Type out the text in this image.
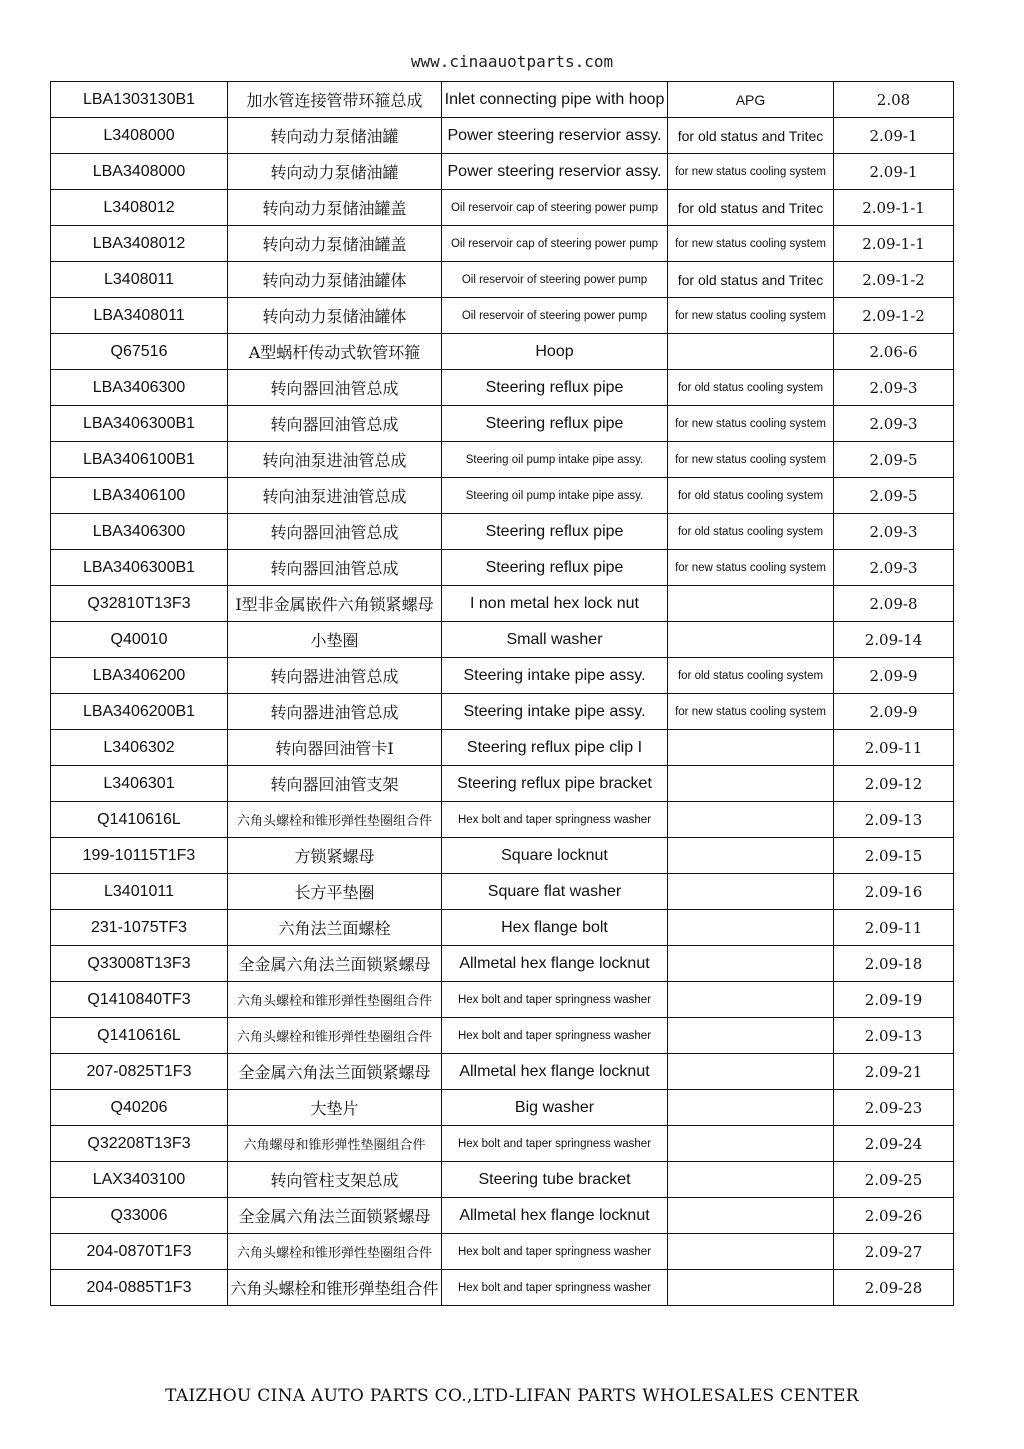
www.cinaauotparts.com
LBA1303130B1	加水管连接管带环箍总成	Inlet connecting pipe with hoop	APG	2.08
L3408000	转向动力泵储油罐	Power steering reservior assy.	for old status and Tritec	2.09-1
LBA3408000	转向动力泵储油罐	Power steering reservior assy.	for new status cooling system	2.09-1
L3408012	转向动力泵储油罐盖	Oil reservoir cap of steering power pump	for old status and Tritec	2.09-1-1
LBA3408012	转向动力泵储油罐盖	Oil reservoir cap of steering power pump	for new status cooling system	2.09-1-1
L3408011	转向动力泵储油罐体	Oil reservoir of steering power pump	for old status and Tritec	2.09-1-2
LBA3408011	转向动力泵储油罐体	Oil reservoir of steering power pump	for new status cooling system	2.09-1-2
Q67516	A型蜗杆传动式软管环箍	Hoop		2.06-6
LBA3406300	转向器回油管总成	Steering reflux pipe	for old status cooling system	2.09-3
LBA3406300B1	转向器回油管总成	Steering reflux pipe	for new status cooling system	2.09-3
LBA3406100B1	转向油泵进油管总成	Steering oil pump intake pipe assy.	for new status cooling system	2.09-5
LBA3406100	转向油泵进油管总成	Steering oil pump intake pipe assy.	for old status cooling system	2.09-5
LBA3406300	转向器回油管总成	Steering reflux pipe	for old status cooling system	2.09-3
LBA3406300B1	转向器回油管总成	Steering reflux pipe	for new status cooling system	2.09-3
Q32810T13F3	I型非金属嵌件六角锁紧螺母	I non metal hex lock nut		2.09-8
Q40010	小垫圈	Small washer		2.09-14
LBA3406200	转向器进油管总成	Steering intake pipe assy.	for old status cooling system	2.09-9
LBA3406200B1	转向器进油管总成	Steering intake pipe assy.	for new status cooling system	2.09-9
L3406302	转向器回油管卡I	Steering reflux pipe clip I		2.09-11
L3406301	转向器回油管支架	Steering reflux pipe bracket		2.09-12
Q1410616L	六角头螺栓和锥形弹性垫圈组合件	Hex bolt and taper springness washer		2.09-13
199-10115T1F3	方锁紧螺母	Square locknut		2.09-15
L3401011	长方平垫圈	Square flat washer		2.09-16
231-1075TF3	六角法兰面螺栓	Hex flange bolt		2.09-11
Q33008T13F3	全金属六角法兰面锁紧螺母	Allmetal hex flange locknut		2.09-18
Q1410840TF3	六角头螺栓和锥形弹性垫圈组合件	Hex bolt and taper springness washer		2.09-19
Q1410616L	六角头螺栓和锥形弹性垫圈组合件	Hex bolt and taper springness washer		2.09-13
207-0825T1F3	全金属六角法兰面锁紧螺母	Allmetal hex flange locknut		2.09-21
Q40206	大垫片	Big washer		2.09-23
Q32208T13F3	六角螺母和锥形弹性垫圈组合件	Hex bolt and taper springness washer		2.09-24
LAX3403100	转向管柱支架总成	Steering tube bracket		2.09-25
Q33006	全金属六角法兰面锁紧螺母	Allmetal hex flange locknut		2.09-26
204-0870T1F3	六角头螺栓和锥形弹性垫圈组合件	Hex bolt and taper springness washer		2.09-27
204-0885T1F3	六角头螺栓和锥形弹垫组合件	Hex bolt and taper springness washer		2.09-28
TAIZHOU CINA AUTO PARTS CO.,LTD-LIFAN PARTS WHOLESALES CENTER
